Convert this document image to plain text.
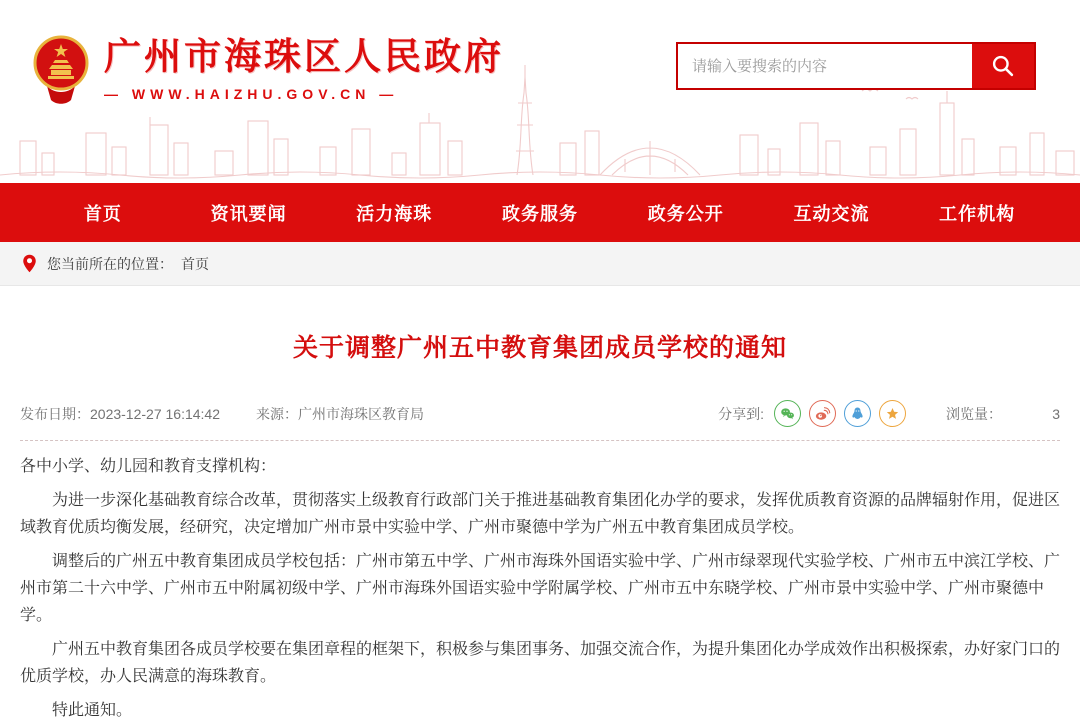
广州市海珠区人民政府
— WWW.HAIZHU.GOV.CN —
请输入要搜索的内容
首页	资讯要闻	活力海珠	政务服务	政务公开	互动交流	工作机构
您当前所在的位置： 首页
关于调整广州五中教育集团成员学校的通知
发布日期：2023-12-27 16:14:42	来源：广州市海珠区教育局	分享到:	浏览量：	3

各中小学、幼儿园和教育支撑机构：

为进一步深化基础教育综合改革，贯彻落实上级教育行政部门关于推进基础教育集团化办学的要求，发挥优质教育资源的品牌辐射作用，促进区域教育优质均衡发展，经研究，决定增加广州市景中实验中学、广州市聚德中学为广州五中教育集团成员学校。

调整后的广州五中教育集团成员学校包括：广州市第五中学、广州市海珠外国语实验中学、广州市绿翠现代实验学校、广州市五中滨江学校、广州市第二十六中学、广州市五中附属初级中学、广州市海珠外国语实验中学附属学校、广州市五中东晓学校、广州市景中实验中学、广州市聚德中学。

广州五中教育集团各成员学校要在集团章程的框架下，积极参与集团事务、加强交流合作，为提升集团化办学成效作出积极探索，办好家门口的优质学校，办人民满意的海珠教育。

特此通知。
